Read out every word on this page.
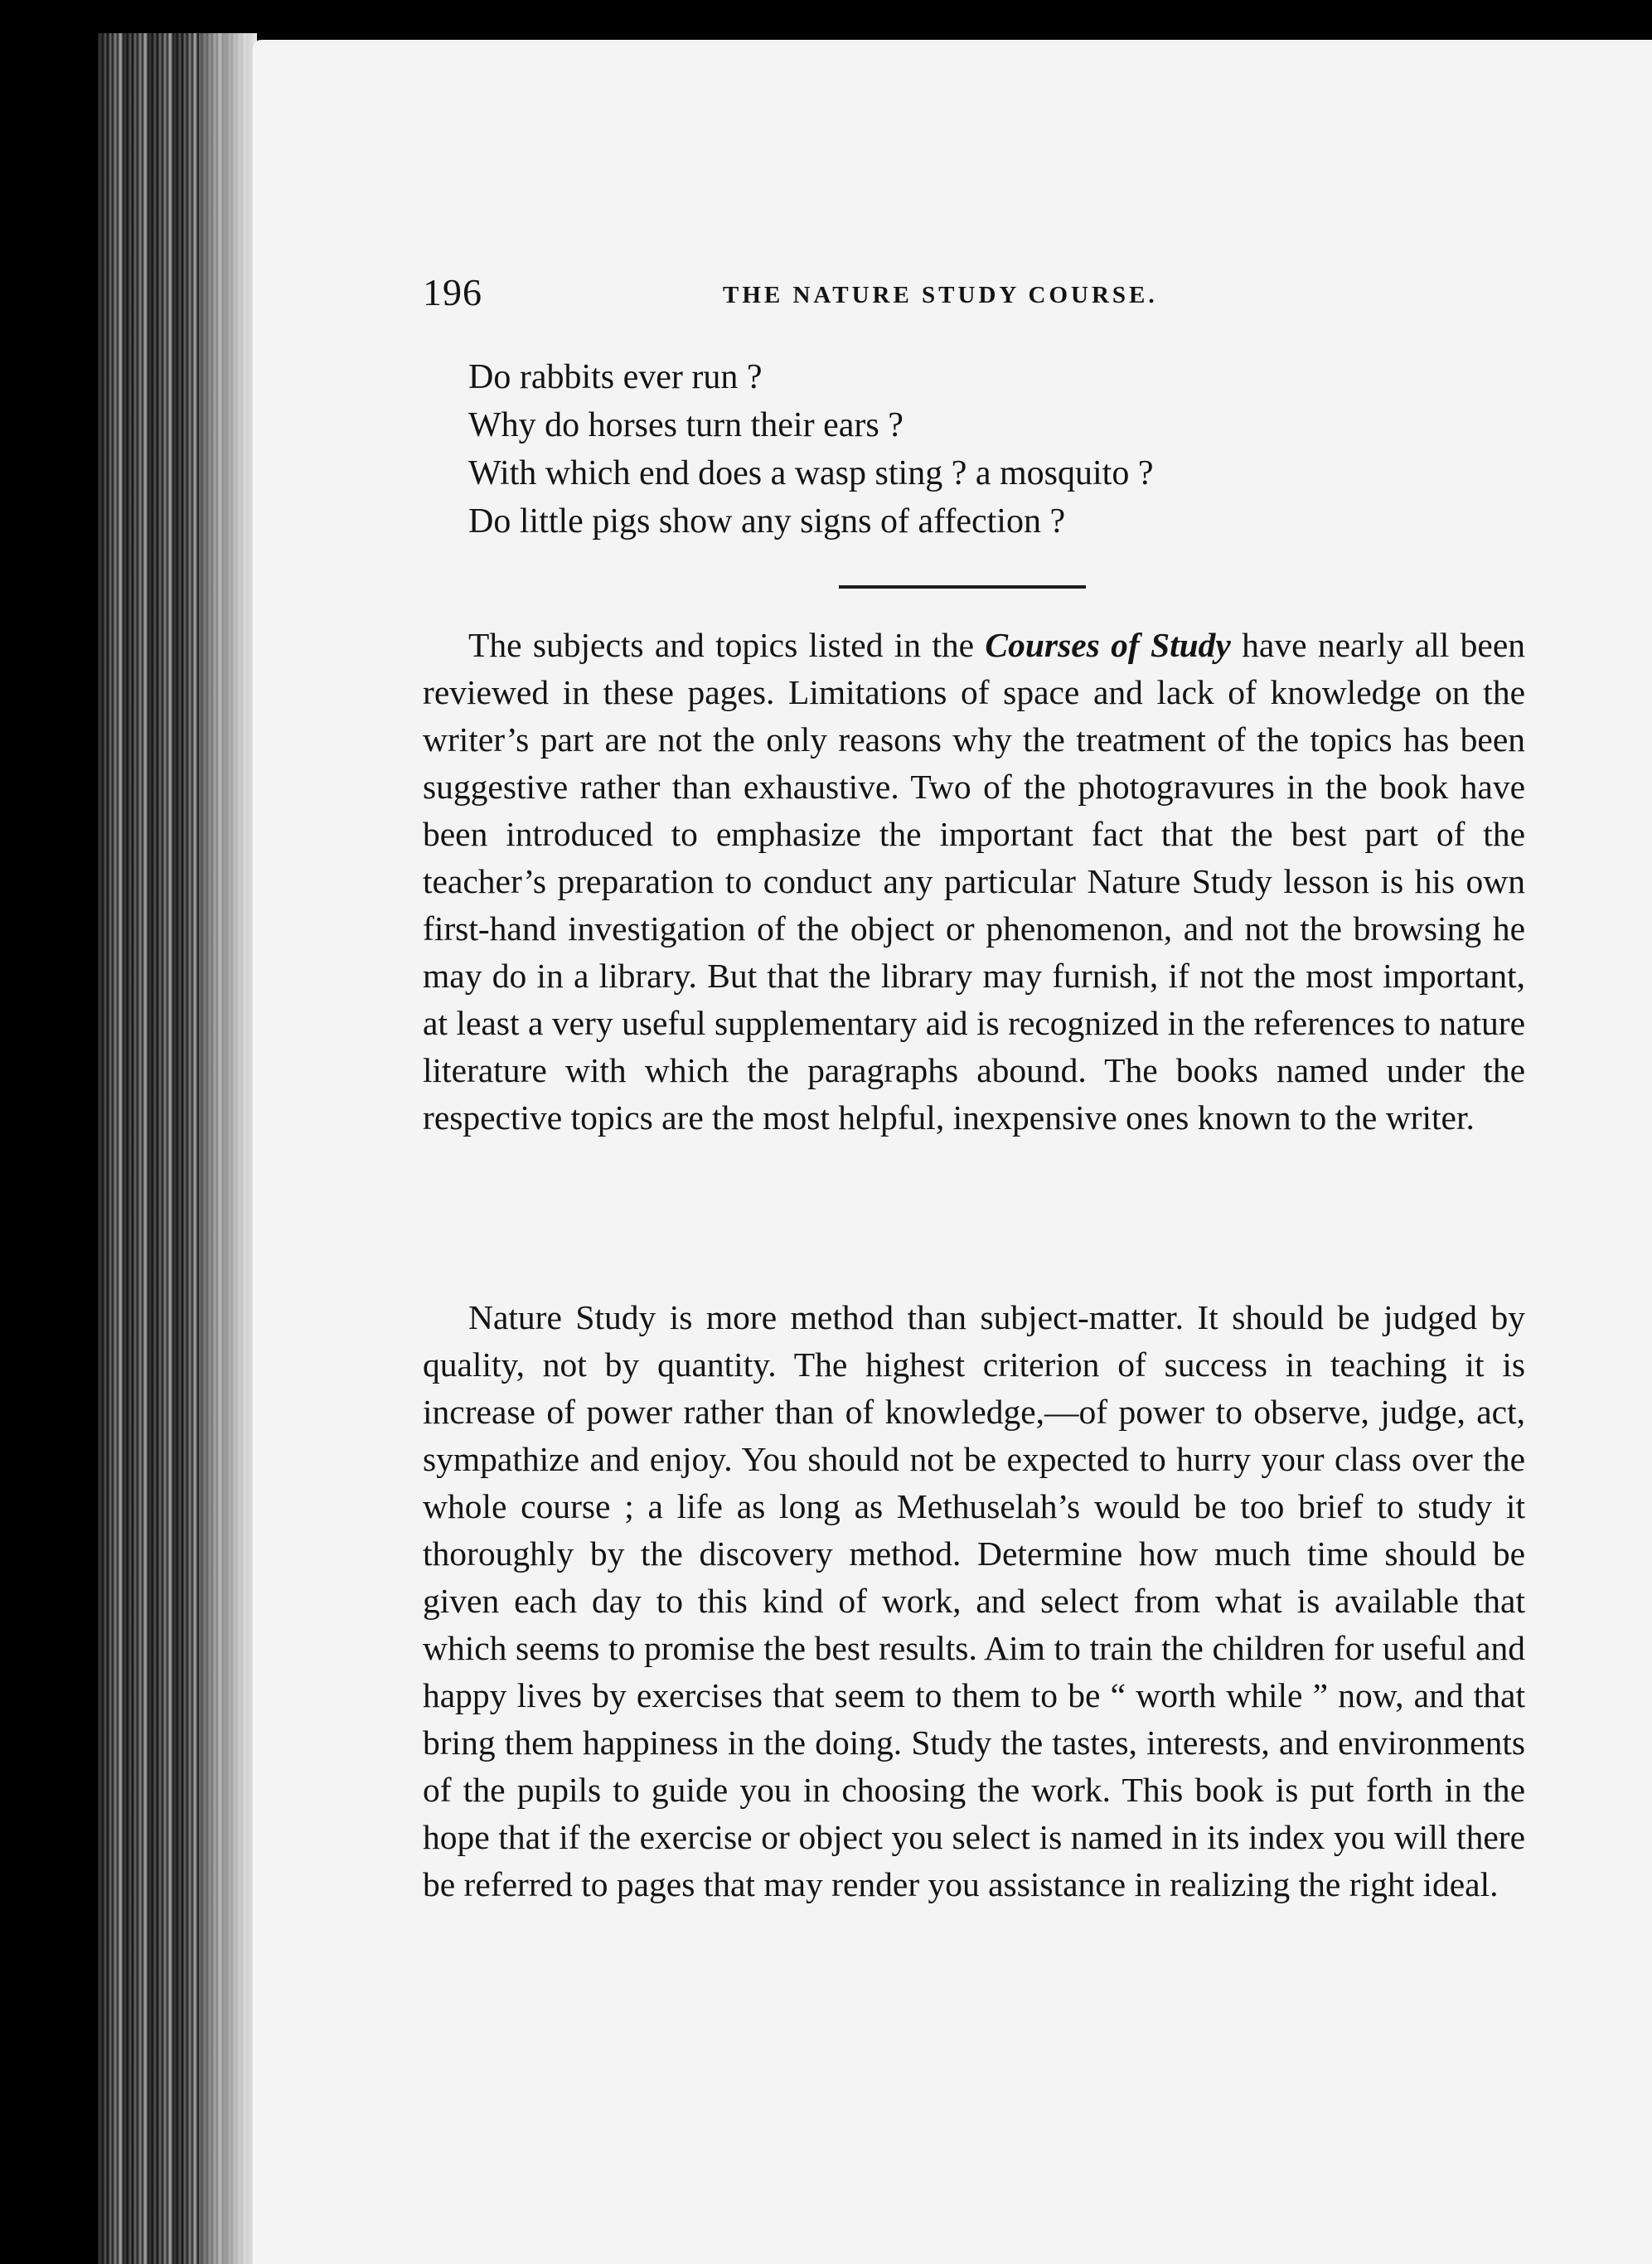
196	THE NATURE STUDY COURSE.
Do rabbits ever run ?
Why do horses turn their ears ?
With which end does a wasp sting ? a mosquito ?
Do little pigs show any signs of affection ?

The subjects and topics listed in the Courses of Study have nearly all been reviewed in these pages. Limitations of space and lack of knowledge on the writer’s part are not the only reasons why the treatment of the topics has been suggestive rather than exhaustive. Two of the photogravures in the book have been introduced to emphasize the important fact that the best part of the teacher’s preparation to conduct any particular Nature Study lesson is his own first-hand investigation of the object or phenomenon, and not the browsing he may do in a library. But that the library may furnish, if not the most important, at least a very useful supplementary aid is recognized in the references to nature literature with which the paragraphs abound. The books named under the respective topics are the most helpful, inexpensive ones known to the writer.

Nature Study is more method than subject-matter. It should be judged by quality, not by quantity. The highest criterion of success in teaching it is increase of power rather than of knowledge,—of power to observe, judge, act, sympathize and enjoy. You should not be expected to hurry your class over the whole course ; a life as long as Methuselah’s would be too brief to study it thoroughly by the discovery method. Determine how much time should be given each day to this kind of work, and select from what is available that which seems to promise the best results. Aim to train the children for useful and happy lives by exercises that seem to them to be “ worth while ” now, and that bring them happiness in the doing. Study the tastes, interests, and environments of the pupils to guide you in choosing the work. This book is put forth in the hope that if the exercise or object you select is named in its index you will there be referred to pages that may render you assistance in realizing the right ideal.
